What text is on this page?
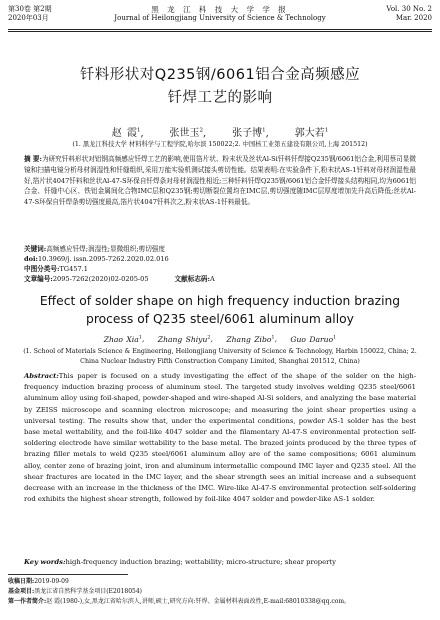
第30卷 第2期
2020年03月
黑 龙 江 科 技 大 学 学 报
Journal of Heilongjiang University of Science & Technology
Vol. 30 No. 2
Mar. 2020
钎料形状对Q235钢/6061铝合金高频感应
钎焊工艺的影响
赵 霞$^1$,     张世玉$^2$,     张子博$^1$,     郭大若$^1$
(1. 黑龙江科技大学 材料科学与工程学院,哈尔滨 150022;2. 中国核工业第五建设有限公司,上海 201512)
摘 要:为研究钎料形状对铝钢高频感应钎焊工艺的影响,使用箔片状、粉末状及丝状Al-Si钎料钎焊接Q235钢/6061铝合金,利用蔡司显微镜和扫描电镜分析母材润湿性和钎缝组织,采用万能实验机测试接头剪切性能。结果表明:在实验条件下,粉末状AS-1钎料对母材润湿性最好,箔片状4047钎料和丝状Al-47-S环保自钎焊条对母材润湿性相近;三种钎料钎焊Q235钢/6061铝合金钎焊接头结构相同,均为6061铝合金、钎缝中心区、铁铝金属间化合物IMC层和Q235钢;剪切断裂位置均在IMC层,剪切强度随IMC层厚度增加先升高后降低;丝状Al-47-S环保自钎焊条剪切强度最高,箔片状4047钎料次之,粉末状AS-1钎料最低。
关键词:高频感应钎焊;润湿性;显微组织;剪切强度
doi:10.3969/j. issn.2095-7262.2020.02.016
中图分类号:TG457.1
文章编号:2095-7262(2020)02-0205-05	文献标志码:A
Effect of solder shape on high frequency induction brazing
process of Q235 steel/6061 aluminum alloy
Zhao Xia$^1$, Zhang Shiyu$^2$, Zhang Zibo$^1$, Guo Daruo$^1$
(1. School of Materials Science & Engineering, Heilongjiang University of Science & Technology, Harbin 150022, China; 2. China Nuclear Industry Fifth Construction Company Limited, Shanghai 201512, China)
Abstract:This paper is focused on a study investigating the effect of the shape of the solder on the high-frequency induction brazing process of aluminum steel. The targeted study involves welding Q235 steel/6061 aluminum alloy using foil-shaped, powder-shaped and wire-shaped Al-Si solders, and analyzing the base material by ZEISS microscope and scanning electron microscope; and measuring the joint shear properties using a universal testing. The results show that, under the experimental conditions, powder AS-1 solder has the best base metal wettability, and the foil-like 4047 solder and the filamentary Al-47-S environmental protection self-soldering electrode have similar wettability to the base metal. The brazed joints produced by the three types of brazing filler metals to weld Q235 steel/6061 aluminum alloy are of the same compositions; 6061 aluminum alloy, center zone of brazing joint, iron and aluminum intermetallic compound IMC layer and Q235 steel. All the shear fractures are located in the IMC layer, and the shear strength sees an initial increase and a subsequent decrease with an increase in the thickness of the IMC. Wire-like Al-47-S environmental protection self-soldering rod exhibits the highest shear strength, followed by foil-like 4047 solder and powder-like AS-1 solder.
Key words:high-frequency induction brazing; wettability; micro-structure; shear property
收稿日期:2019-09-09
基金项目:黑龙江省自然科学基金项目(E2018054)
第一作者简介:赵 霞(1980-),女,黑龙江省哈尔滨人,讲师,硕士,研究方向:钎焊、金属材料表面改性,E-mail:68010338@qq.com。
